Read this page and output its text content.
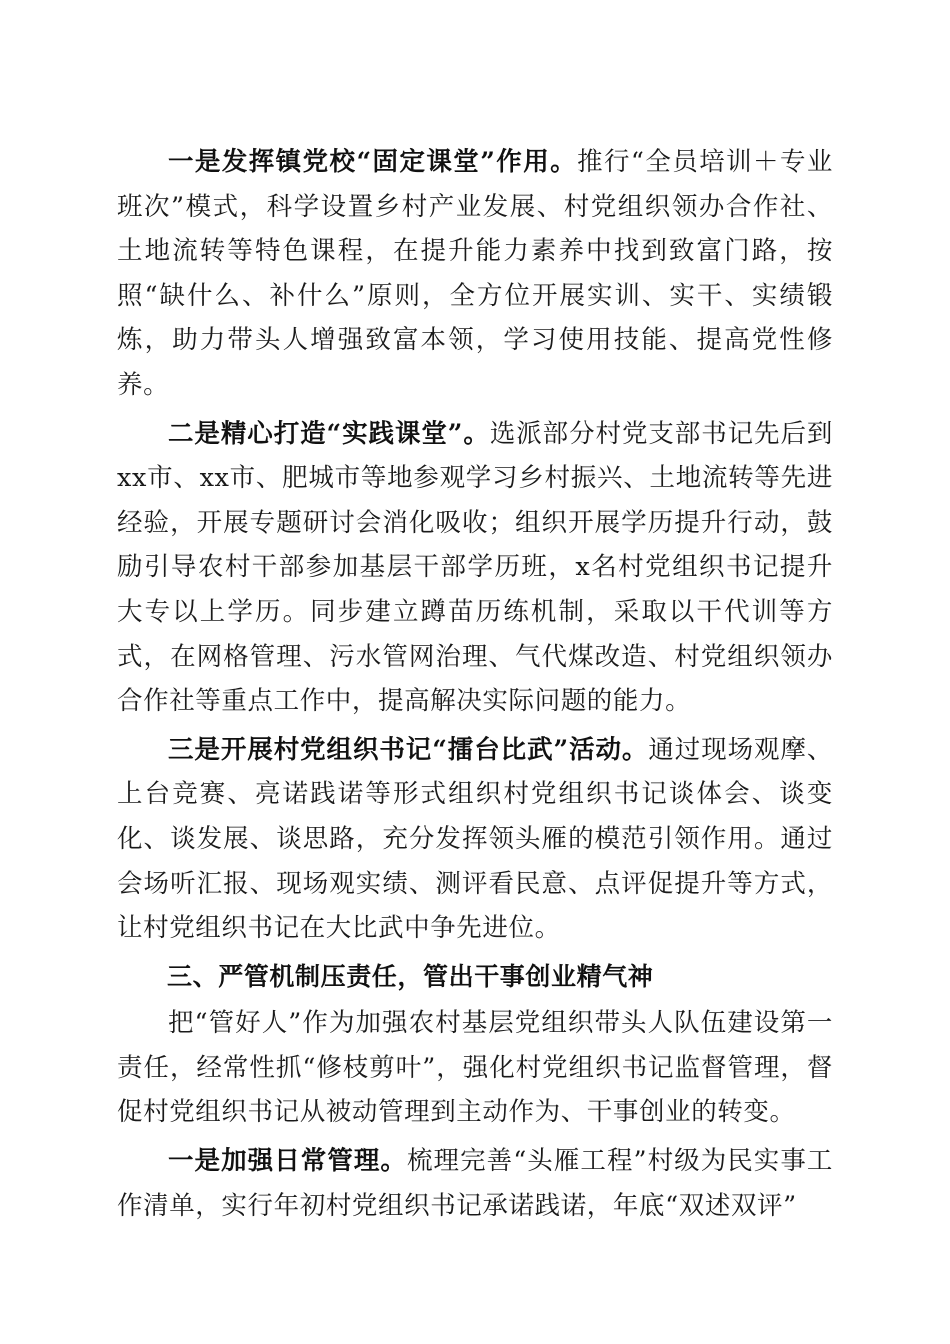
一是发挥镇党校“固定课堂”作用。推行“全员培训＋专业班次”模式，科学设置乡村产业发展、村党组织领办合作社、土地流转等特色课程，在提升能力素养中找到致富门路，按照“缺什么、补什么”原则，全方位开展实训、实干、实绩锻炼，助力带头人增强致富本领，学习使用技能、提高党性修养。

二是精心打造“实践课堂”。选派部分村党支部书记先后到xx市、xx市、肥城市等地参观学习乡村振兴、土地流转等先进经验，开展专题研讨会消化吸收；组织开展学历提升行动，鼓励引导农村干部参加基层干部学历班，x名村党组织书记提升大专以上学历。同步建立蹲苗历练机制，采取以干代训等方式，在网格管理、污水管网治理、气代煤改造、村党组织领办合作社等重点工作中，提高解决实际问题的能力。

三是开展村党组织书记“擂台比武”活动。通过现场观摩、上台竞赛、亮诺践诺等形式组织村党组织书记谈体会、谈变化、谈发展、谈思路，充分发挥领头雁的模范引领作用。通过会场听汇报、现场观实绩、测评看民意、点评促提升等方式，让村党组织书记在大比武中争先进位。

三、严管机制压责任，管出干事创业精气神

把“管好人”作为加强农村基层党组织带头人队伍建设第一责任，经常性抓“修枝剪叶”，强化村党组织书记监督管理，督促村党组织书记从被动管理到主动作为、干事创业的转变。

一是加强日常管理。梳理完善“头雁工程”村级为民实事工作清单，实行年初村党组织书记承诺践诺，年底“双述双评”
